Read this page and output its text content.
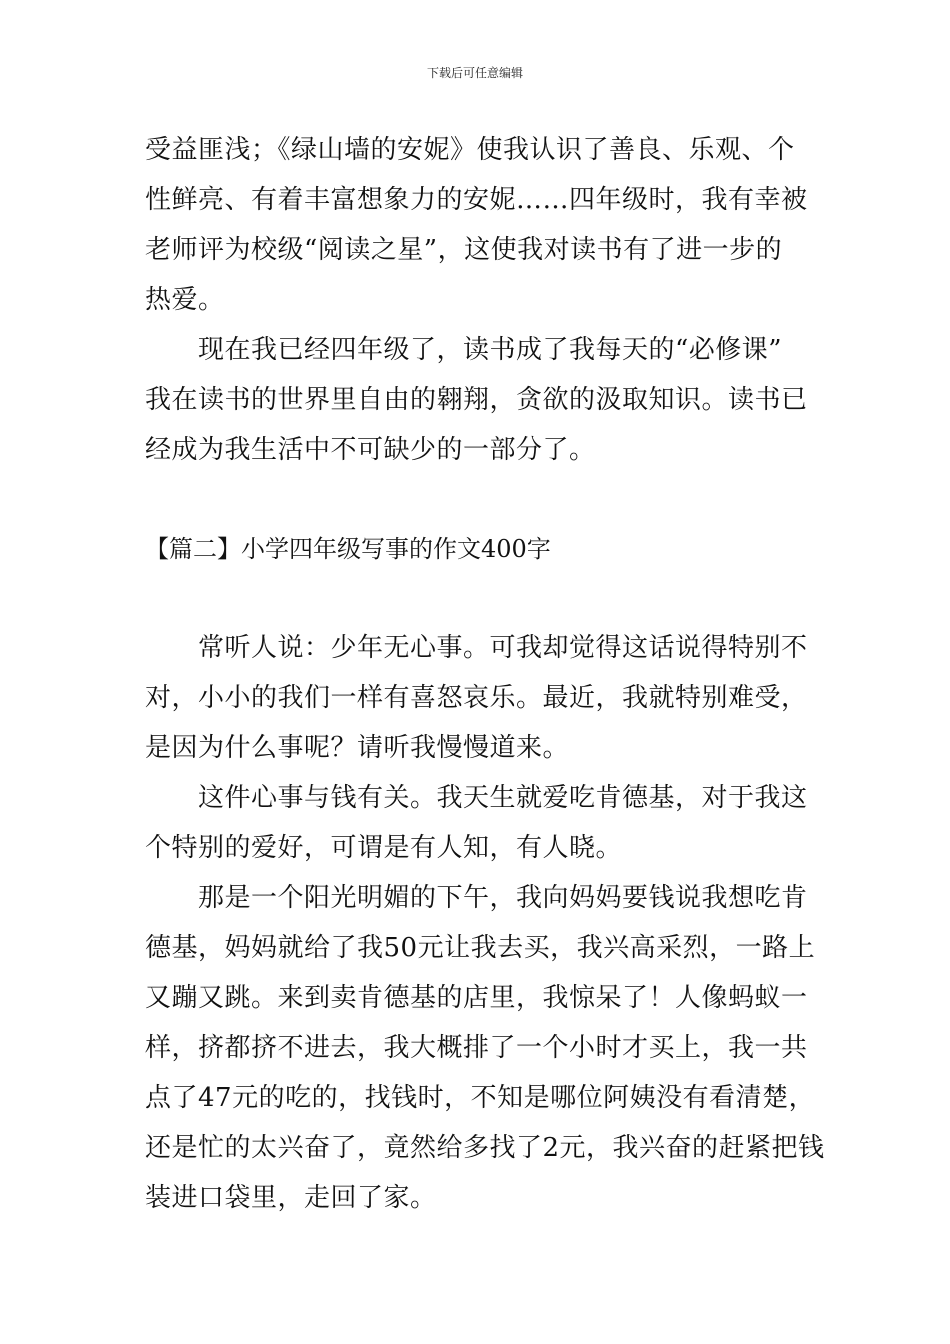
下载后可任意编辑
受益匪浅；《绿山墙的安妮》使我认识了善良、乐观、个
性鲜亮、有着丰富想象力的安妮……四年级时，我有幸被
老师评为校级“阅读之星”，这使我对读书有了进一步的
热爱。
　　现在我已经四年级了，读书成了我每天的“必修课”
我在读书的世界里自由的翱翔，贪欲的汲取知识。读书已
经成为我生活中不可缺少的一部分了。
【篇二】小学四年级写事的作文400字
　　常听人说：少年无心事。可我却觉得这话说得特别不
对，小小的我们一样有喜怒哀乐。最近，我就特别难受，
是因为什么事呢？请听我慢慢道来。
　　这件心事与钱有关。我天生就爱吃肯德基，对于我这
个特别的爱好，可谓是有人知，有人晓。
　　那是一个阳光明媚的下午，我向妈妈要钱说我想吃肯
德基，妈妈就给了我50元让我去买，我兴高采烈，一路上
又蹦又跳。来到卖肯德基的店里，我惊呆了！人像蚂蚁一
样，挤都挤不进去，我大概排了一个小时才买上，我一共
点了47元的吃的，找钱时，不知是哪位阿姨没有看清楚，
还是忙的太兴奋了，竟然给多找了2元，我兴奋的赶紧把钱
装进口袋里，走回了家。
